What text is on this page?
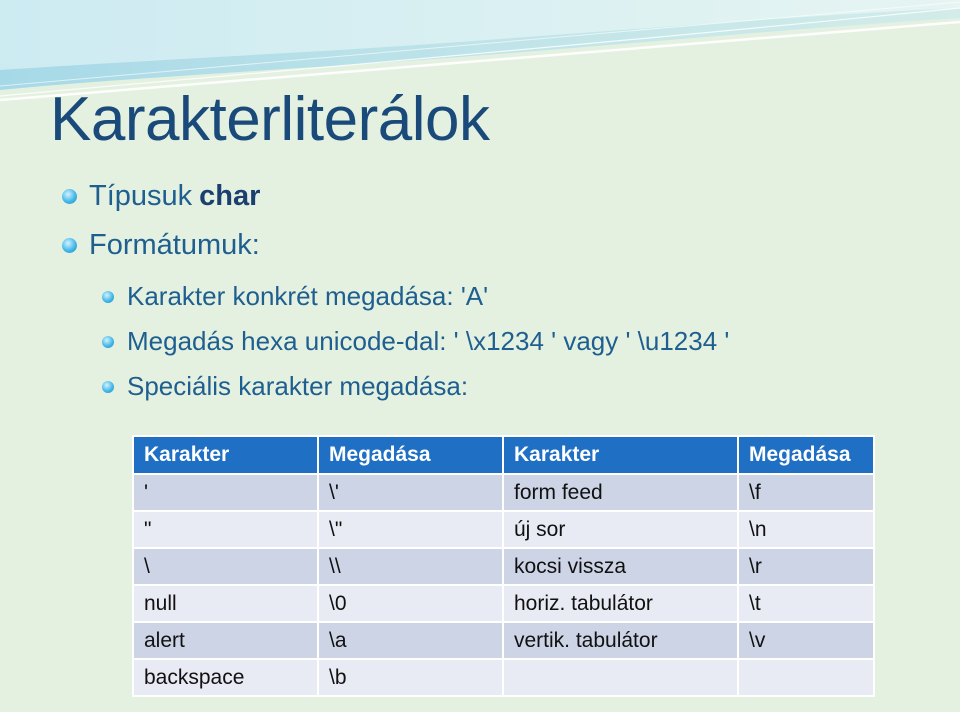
Karakterliterálok
Típusuk char
Formátumuk:
Karakter konkrét megadása: 'A'
Megadás hexa unicode-dal: ' \x1234 ' vagy ' \u1234 '
Speciális karakter megadása:
Karakter	Megadása	Karakter	Megadása
'	\'	form feed	\f
"	\"	új sor	\n
\	\\	kocsi vissza	\r
null	\0	horiz. tabulátor	\t
alert	\a	vertik. tabulátor	\v
backspace	\b		
